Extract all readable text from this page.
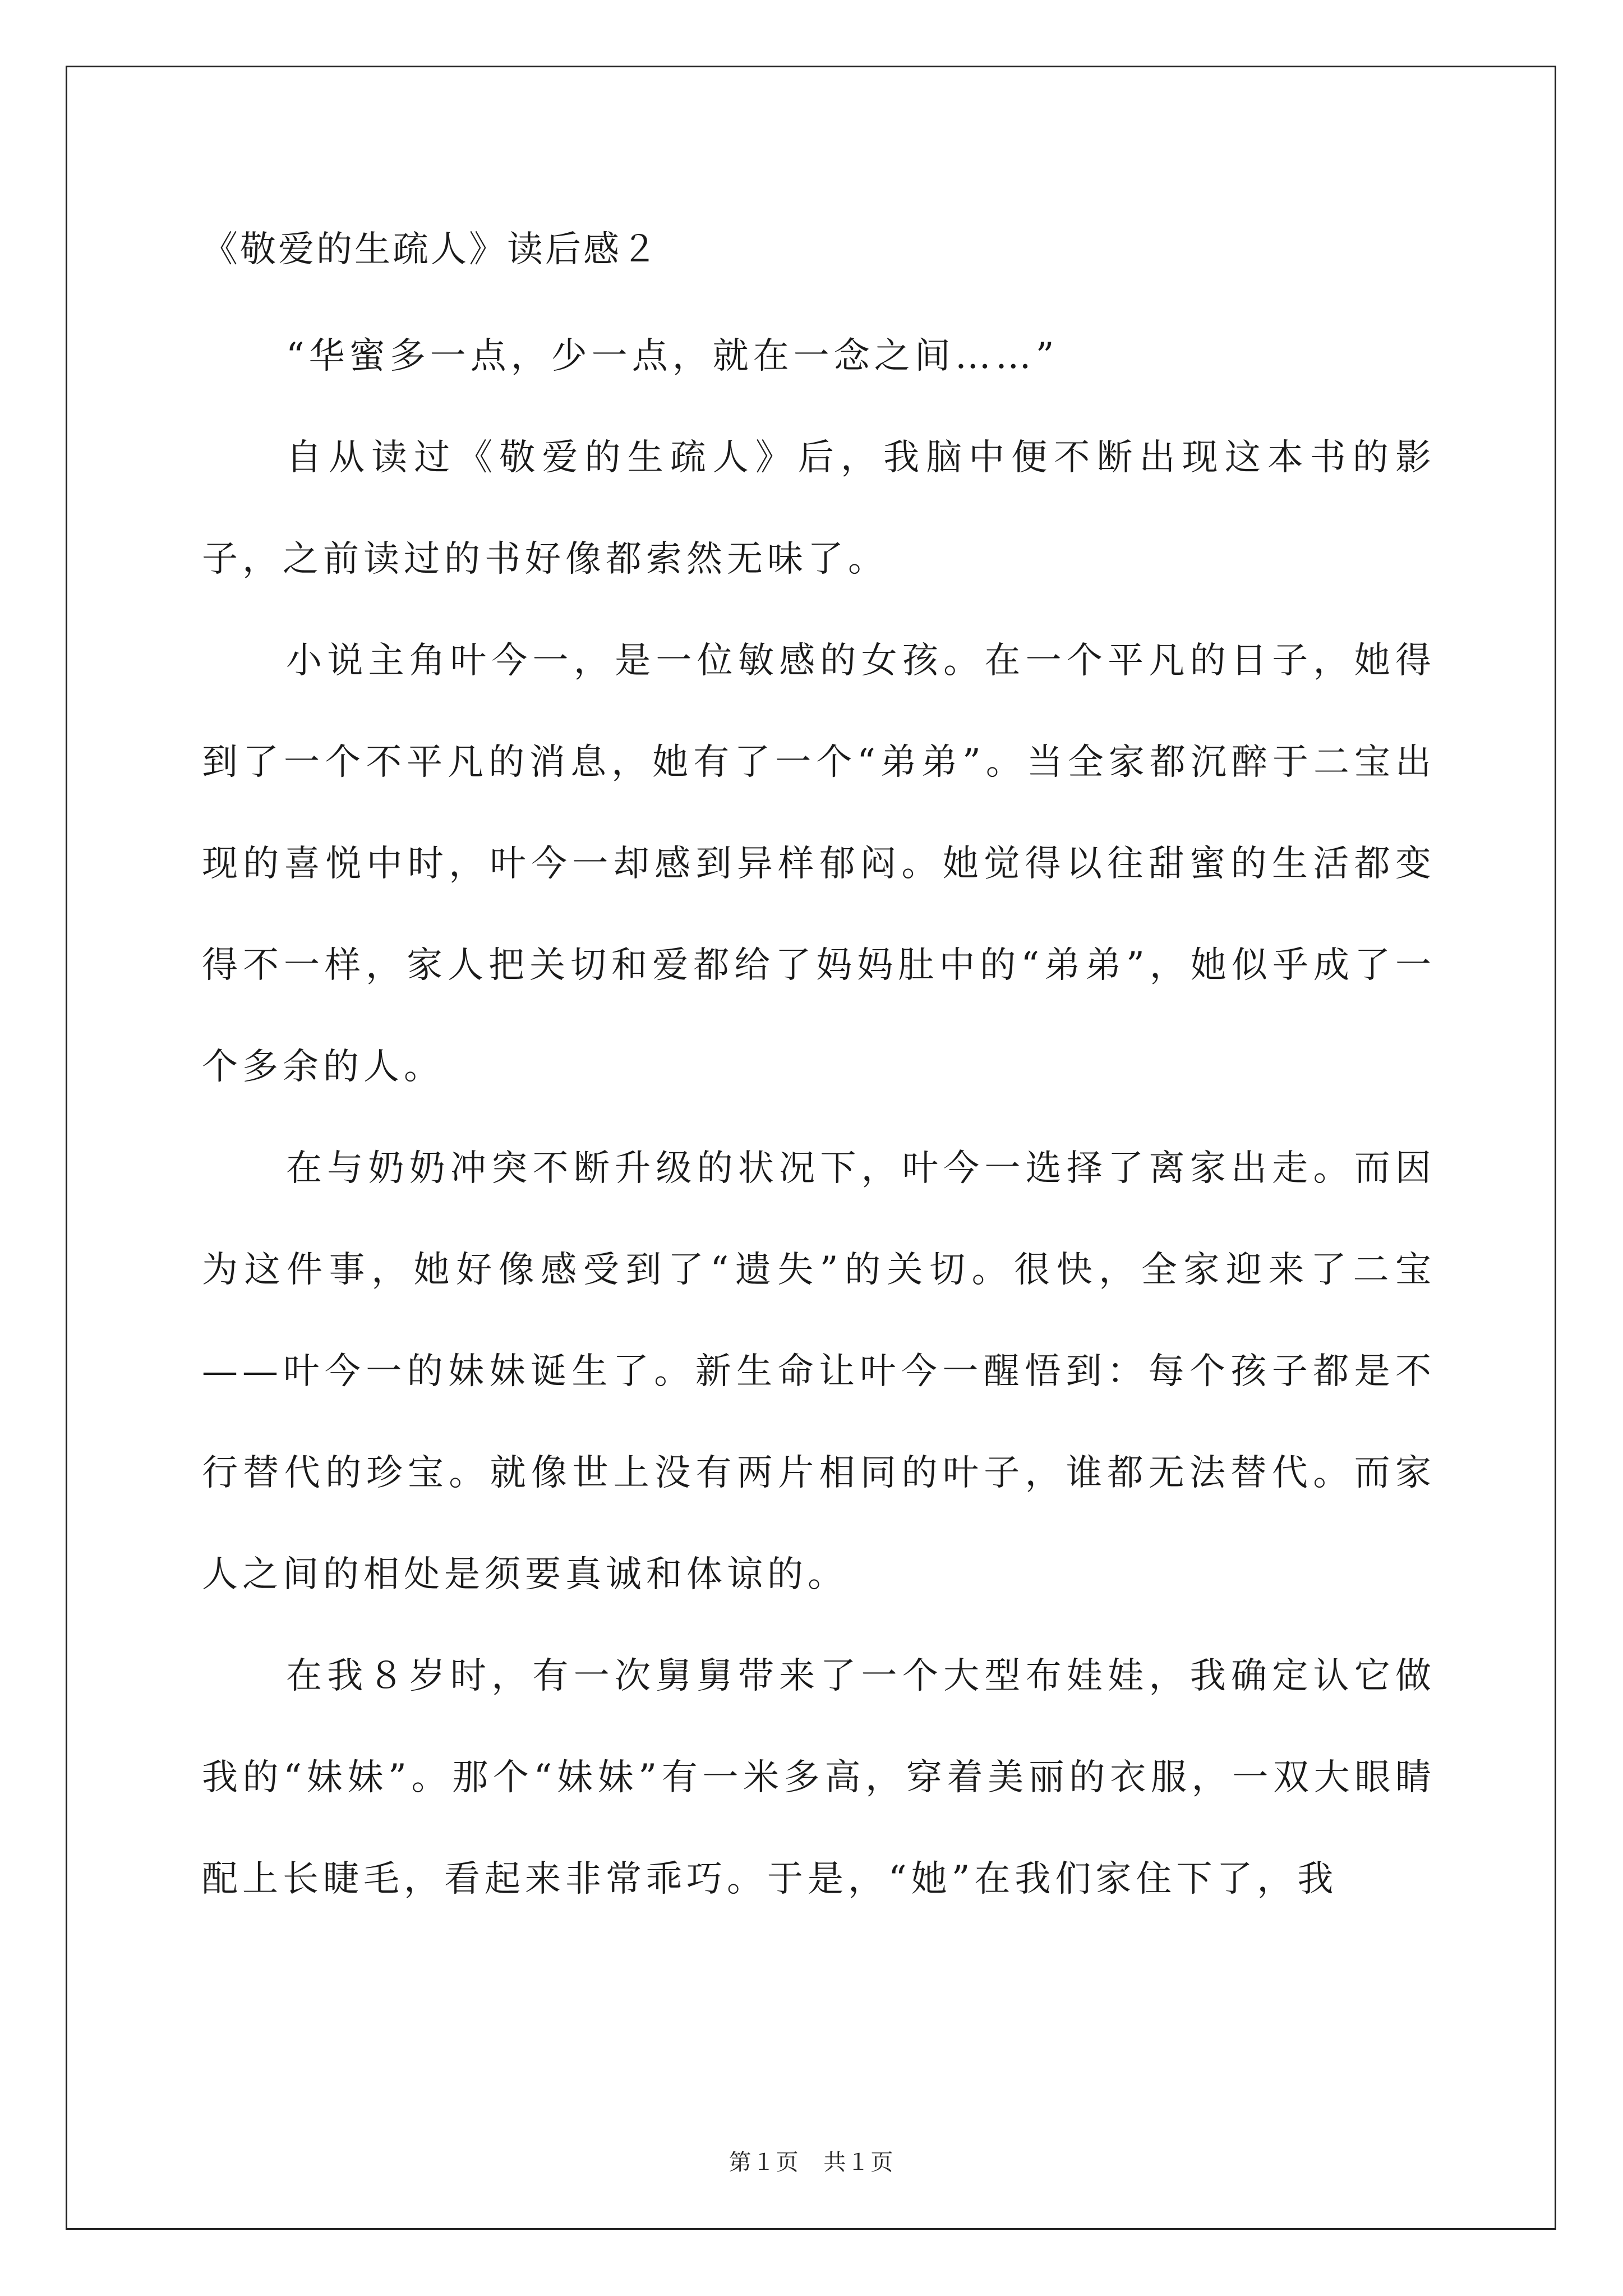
《敬爱的生疏人》读后感２

“华蜜多一点，少一点，就在一念之间……”

自从读过《敬爱的生疏人》后，我脑中便不断出现这本书的影子，之前读过的书好像都索然无味了。

小说主角叶今一，是一位敏感的女孩。在一个平凡的日子，她得到了一个不平凡的消息，她有了一个“弟弟”。当全家都沉醉于二宝出现的喜悦中时，叶今一却感到异样郁闷。她觉得以往甜蜜的生活都变得不一样，家人把关切和爱都给了妈妈肚中的“弟弟”，她似乎成了一个多余的人。

在与奶奶冲突不断升级的状况下，叶今一选择了离家出走。而因为这件事，她好像感受到了“遗失”的关切。很快，全家迎来了二宝——叶今一的妹妹诞生了。新生命让叶今一醒悟到：每个孩子都是不行替代的珍宝。就像世上没有两片相同的叶子，谁都无法替代。而家人之间的相处是须要真诚和体谅的。

在我８岁时，有一次舅舅带来了一个大型布娃娃，我确定认它做我的“妹妹”。那个“妹妹”有一米多高，穿着美丽的衣服，一双大眼睛配上长睫毛，看起来非常乖巧。于是，“她”在我们家住下了，我

第１页 共１页
